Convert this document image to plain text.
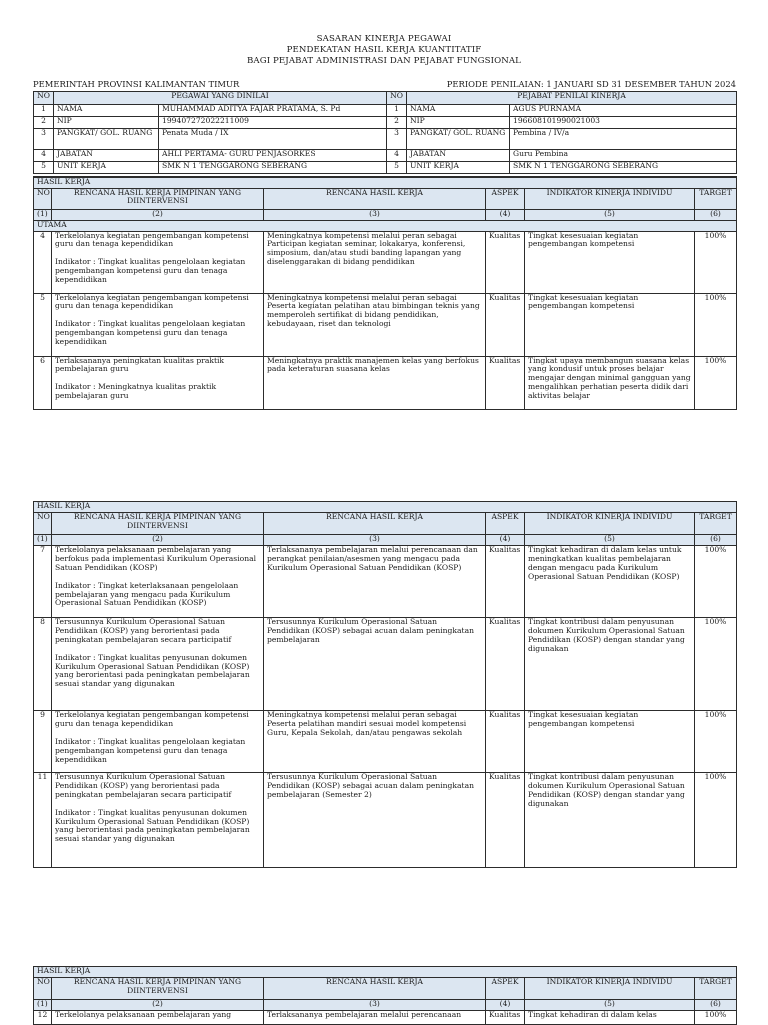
SASARAN KINERJA PEGAWAI
PENDEKATAN HASIL KERJA KUANTITATIF
BAGI PEJABAT ADMINISTRASI DAN PEJABAT FUNGSIONAL
PEMERINTAH PROVINSI KALIMANTAN TIMUR	PERIODE PENILAIAN: 1 JANUARI SD 31 DESEMBER TAHUN 2024
NO	PEGAWAI YANG DINILAI		NO	PEJABAT PENILAI KINERJA	
1	NAMA	MUHAMMAD ADITYA FAJAR PRATAMA, S. Pd	1	NAMA	AGUS PURNAMA
2	NIP	199407272022211009	2	NIP	196608101990021003
3	PANGKAT/ GOL. RUANG	Penata Muda / IX	3	PANGKAT/ GOL. RUANG	Pembina / IV/a
4	JABATAN	AHLI PERTAMA- GURU PENJASORKES	4	JABATAN	Guru Pembina
5	UNIT KERJA	SMK N 1 TENGGARONG SEBERANG	5	UNIT KERJA	SMK N 1 TENGGARONG SEBERANG
HASIL KERJA					
NO	RENCANA HASIL KERJA PIMPINAN YANG DIINTERVENSI	RENCANA HASIL KERJA	ASPEK	INDIKATOR KINERJA INDIVIDU	TARGET
(1)	(2)	(3)	(4)	(5)	(6)
UTAMA					
4	Terkelolanya kegiatan pengembangan kompetensi guru dan tenaga kependidikan

Indikator : Tingkat kualitas pengelolaan kegiatan pengembangan kompetensi guru dan tenaga kependidikan	Meningkatnya kompetensi melalui peran sebagai Participan kegiatan seminar, lokakarya, konferensi, simposium, dan/atau studi banding lapangan yang diselenggarakan di bidang pendidikan	Kualitas	Tingkat kesesuaian kegiatan pengembangan kompetensi	100%
5	Terkelolanya kegiatan pengembangan kompetensi guru dan tenaga kependidikan

Indikator : Tingkat kualitas pengelolaan kegiatan pengembangan kompetensi guru dan tenaga kependidikan	Meningkatnya kompetensi melalui peran sebagai Peserta kegiatan pelatihan atau bimbingan teknis yang memperoleh sertifikat di bidang pendidikan, kebudayaan, riset dan teknologi	Kualitas	Tingkat kesesuaian kegiatan pengembangan kompetensi	100%
6	Terlaksananya peningkatan kualitas praktik pembelajaran guru

Indikator : Meningkatnya kualitas praktik pembelajaran guru	Meningkatnya praktik manajemen kelas yang berfokus pada keteraturan suasana kelas	Kualitas	Tingkat upaya membangun suasana kelas yang kondusif untuk proses belajar mengajar dengan minimal gangguan yang mengalihkan perhatian peserta didik dari aktivitas belajar	100%
HASIL KERJA					
NO	RENCANA HASIL KERJA PIMPINAN YANG DIINTERVENSI	RENCANA HASIL KERJA	ASPEK	INDIKATOR KINERJA INDIVIDU	TARGET
(1)	(2)	(3)	(4)	(5)	(6)
7	Terkelolanya pelaksanaan pembelajaran yang berfokus pada implementasi Kurikulum Operasional Satuan Pendidikan (KOSP)

Indikator : Tingkat keterlaksanaan pengelolaan pembelajaran yang mengacu pada Kurikulum Operasional Satuan Pendidikan (KOSP)	Terlaksananya pembelajaran melalui perencanaan dan perangkat penilaian/asesmen yang mengacu pada Kurikulum Operasional Satuan Pendidikan (KOSP)	Kualitas	Tingkat kehadiran di dalam kelas untuk meningkatkan kualitas pembelajaran dengan mengacu pada Kurikulum Operasional Satuan Pendidikan (KOSP)	100%
8	Tersusunnya Kurikulum Operasional Satuan Pendidikan (KOSP) yang berorientasi pada peningkatan pembelajaran secara participatif

Indikator : Tingkat kualitas penyusunan dokumen Kurikulum Operasional Satuan Pendidikan (KOSP) yang berorientasi pada peningkatan pembelajaran sesuai standar yang digunakan	Tersusunnya Kurikulum Operasional Satuan Pendidikan (KOSP) sebagai acuan dalam peningkatan pembelajaran	Kualitas	Tingkat kontribusi dalam penyusunan dokumen Kurikulum Operasional Satuan Pendidikan (KOSP) dengan standar yang digunakan	100%
9	Terkelolanya kegiatan pengembangan kompetensi guru dan tenaga kependidikan

Indikator : Tingkat kualitas pengelolaan kegiatan pengembangan kompetensi guru dan tenaga kependidikan	Meningkatnya kompetensi melalui peran sebagai Peserta pelatihan mandiri sesuai model kompetensi Guru, Kepala Sekolah, dan/atau pengawas sekolah	Kualitas	Tingkat kesesuaian kegiatan pengembangan kompetensi	100%
11	Tersusunnya Kurikulum Operasional Satuan Pendidikan (KOSP) yang berorientasi pada peningkatan pembelajaran secara participatif

Indikator : Tingkat kualitas penyusunan dokumen Kurikulum Operasional Satuan Pendidikan (KOSP) yang berorientasi pada peningkatan pembelajaran sesuai standar yang digunakan	Tersusunnya Kurikulum Operasional Satuan Pendidikan (KOSP) sebagai acuan dalam peningkatan pembelajaran (Semester 2)	Kualitas	Tingkat kontribusi dalam penyusunan dokumen Kurikulum Operasional Satuan Pendidikan (KOSP) dengan standar yang digunakan	100%
HASIL KERJA					
NO	RENCANA HASIL KERJA PIMPINAN YANG DIINTERVENSI	RENCANA HASIL KERJA	ASPEK	INDIKATOR KINERJA INDIVIDU	TARGET
(1)	(2)	(3)	(4)	(5)	(6)
12	Terkelolanya pelaksanaan pembelajaran yang	Terlaksananya pembelajaran melalui perencanaan	Kualitas	Tingkat kehadiran di dalam kelas	100%
